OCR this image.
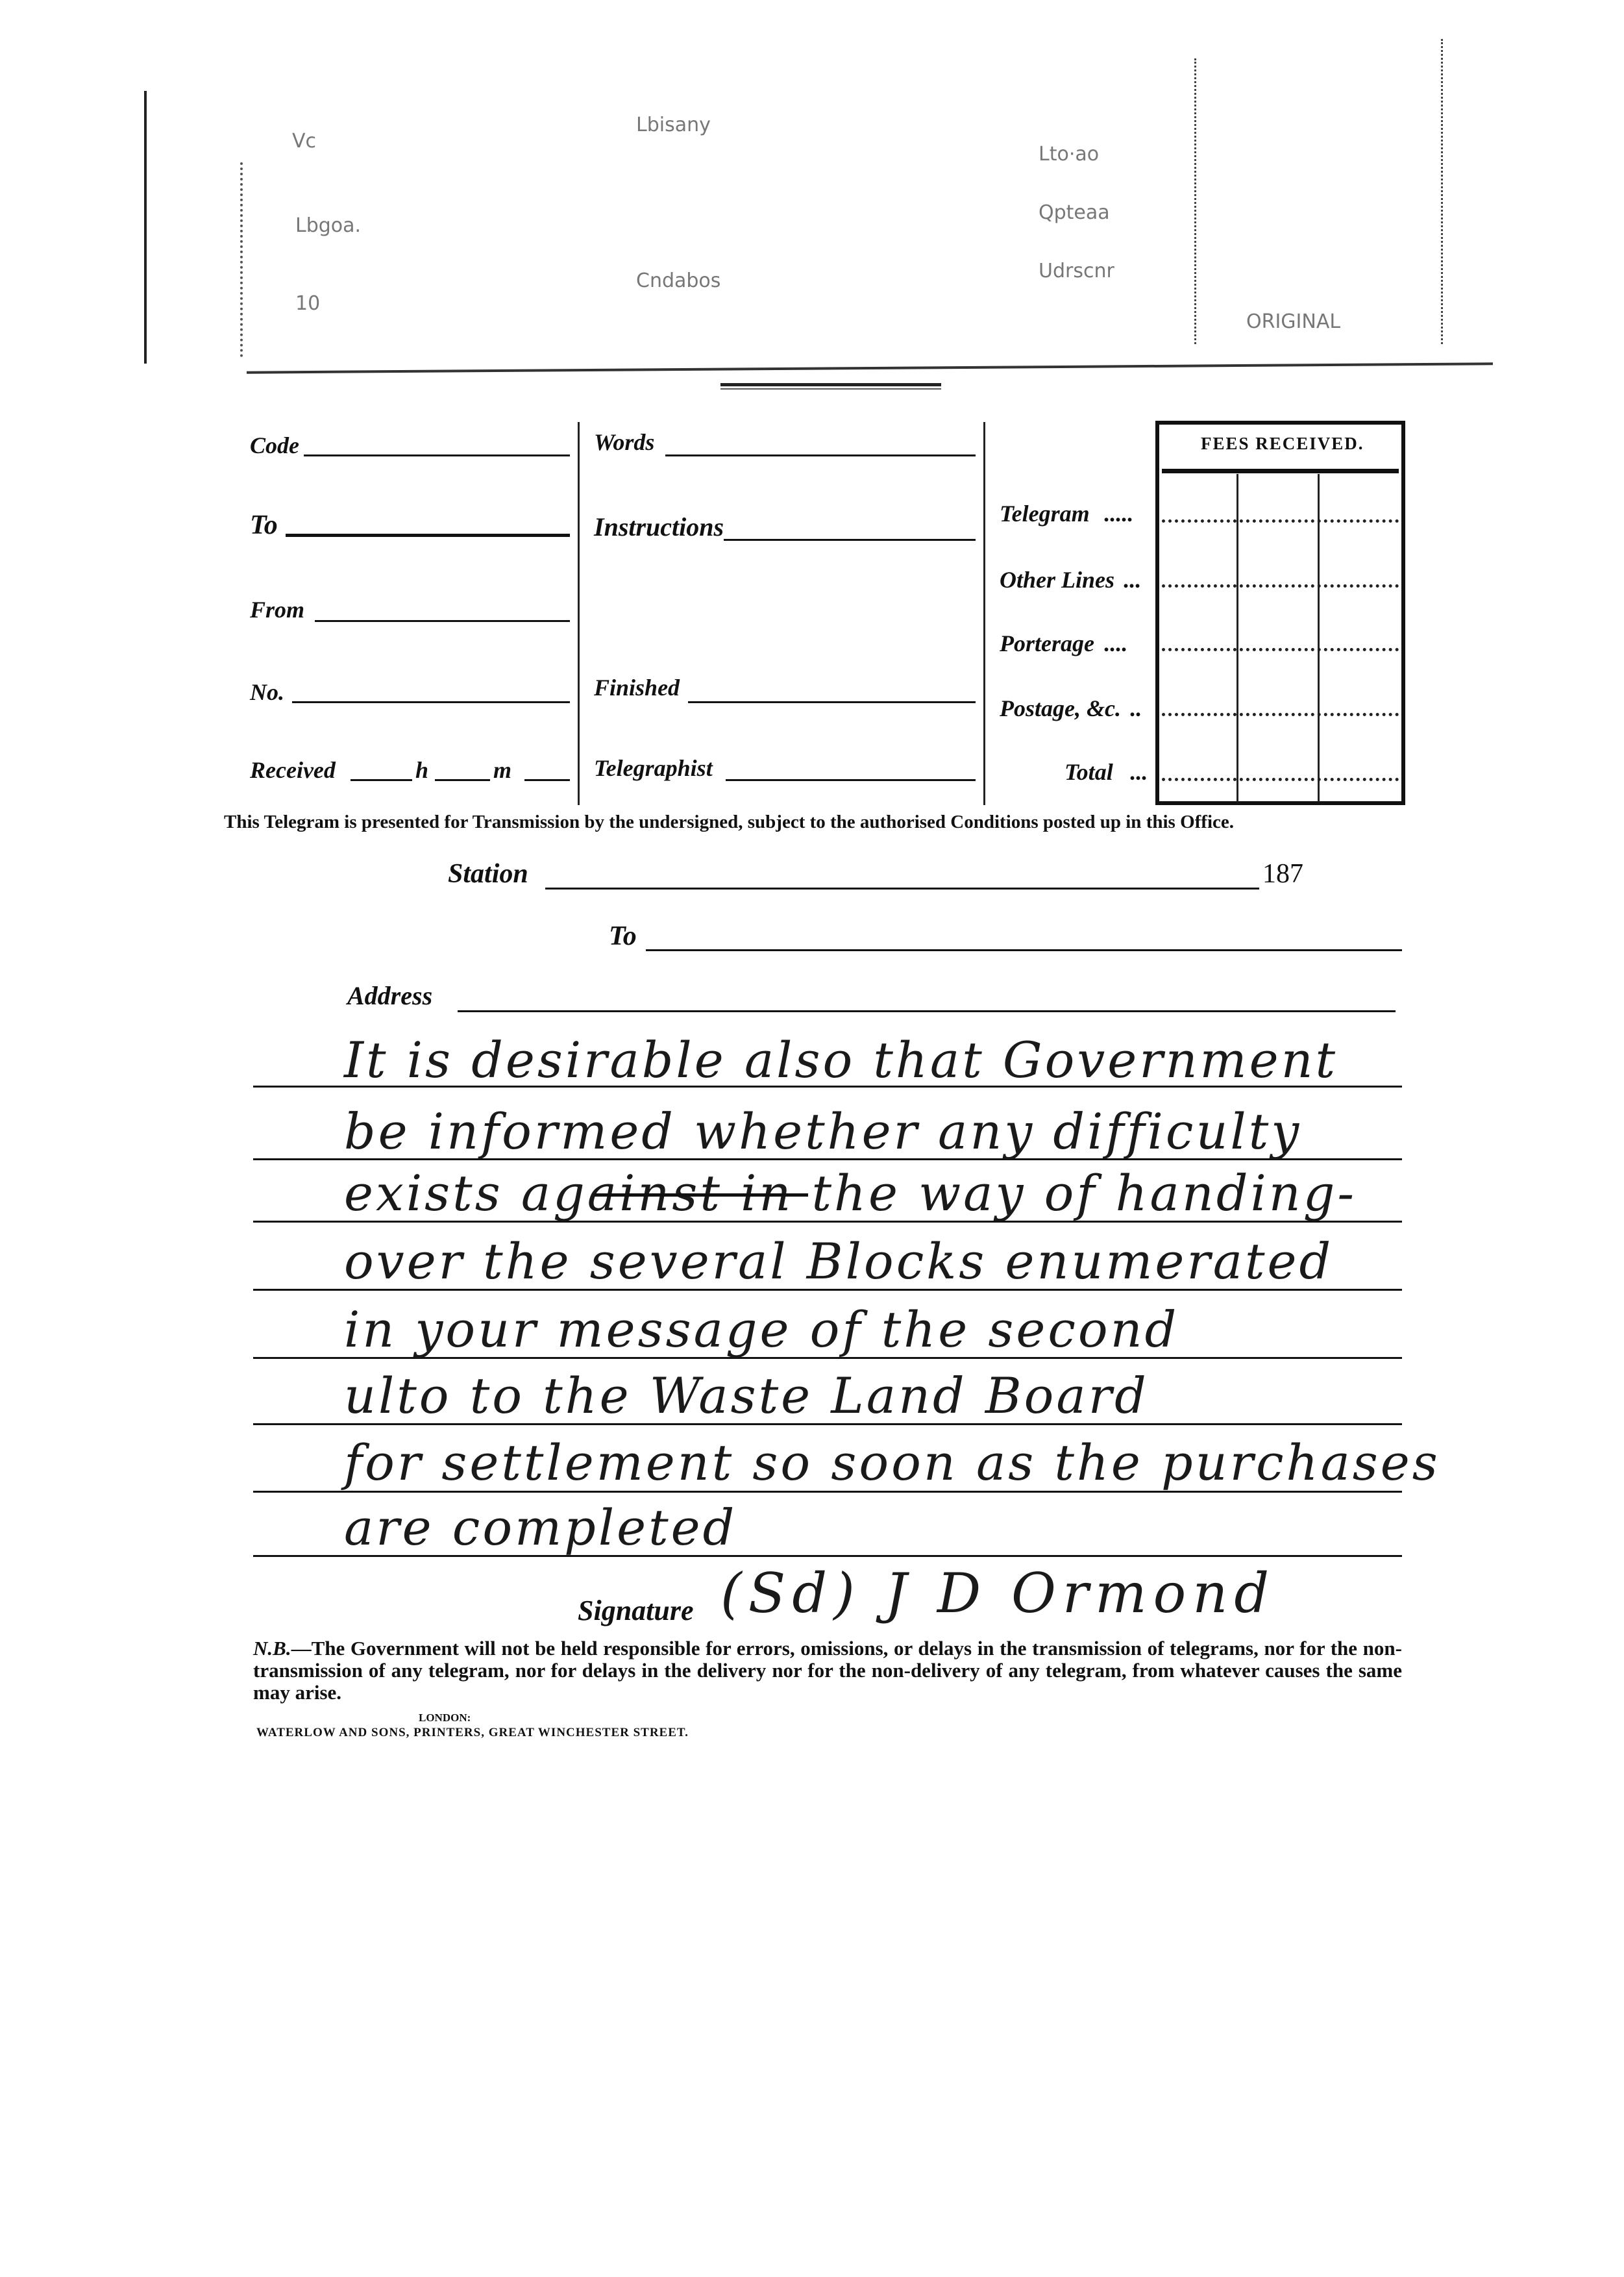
Vc
Lbisany
Lbgoa.
Lto·ao
Qpteaa
Cndabos	Udrscnr
10
ORIGINAL
Code
To
From
No.
Received	h	m
Words
Instructions
Finished
Telegraphist
Telegram .....
Other Lines ...
Porterage ....
Postage, &c. ..
Total ...
FEES RECEIVED.
This Telegram is presented for Transmission by the undersigned, subject to the authorised Conditions posted up in this Office.
Station	187
To
Address
It is desirable also that Government
be informed whether any difficulty
exists against in the way of handing-
over the several Blocks enumerated
in your message of the second
ulto to the Waste Land Board
for settlement so soon as the purchases
are completed
Signature (Sd) J D Ormond
N.B.—The Government will not be held responsible for errors, omissions, or delays in the transmission of telegrams, nor for the non-transmission of any telegram, nor for delays in the delivery nor for the non-delivery of any telegram, from whatever causes the same may arise.
LONDON:
WATERLOW AND SONS, PRINTERS, GREAT WINCHESTER STREET.
